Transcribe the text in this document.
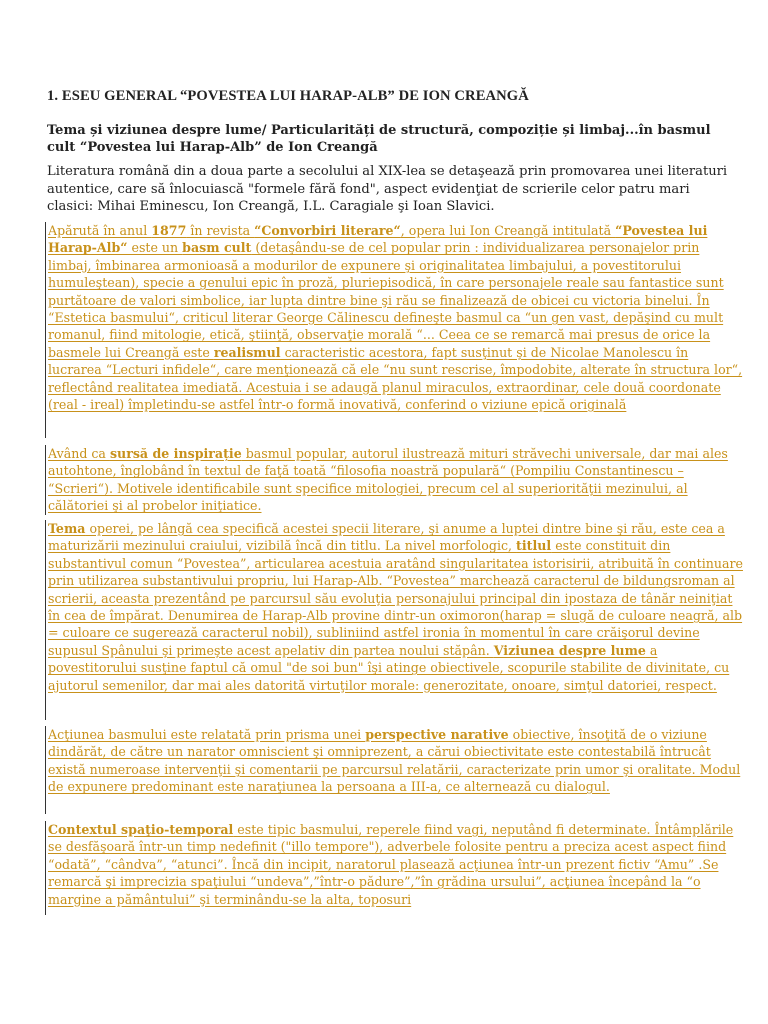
1. ESEU GENERAL “POVESTEA LUI HARAP-ALB” DE ION CREANGĂ
Tema și viziunea despre lume/ Particularități de structură, compoziție și limbaj...în basmul cult “Povestea lui Harap-Alb” de Ion Creangă
Literatura română din a doua parte a secolului al XIX-lea se detaşează prin promovarea unei literaturi autentice, care să înlocuiască "formele fără fond", aspect evidenţiat de scrierile celor patru mari clasici: Mihai Eminescu, Ion Creangă, I.L. Caragiale şi Ioan Slavici.
Apărută în anul 1877 în revista “Convorbiri literare“, opera lui Ion Creangă intitulată “Povestea lui Harap-Alb“ este un basm cult (detaşându-se de cel popular prin : individualizarea personajelor prin limbaj, îmbinarea armonioasă a modurilor de expunere şi originalitatea limbajului, a povestitorului humuleştean), specie a genului epic în proză, pluriepisodică, în care personajele reale sau fantastice sunt purtătoare de valori simbolice, iar lupta dintre bine şi rău se finalizează de obicei cu victoria binelui. În “Estetica basmului“, criticul literar George Călinescu defineşte basmul ca “un gen vast, depăşind cu mult romanul, fiind mitologie, etică, ştiinţă, observaţie morală “... Ceea ce se remarcă mai presus de orice la basmele lui Creangă este realismul caracteristic acestora, fapt susţinut şi de Nicolae Manolescu în lucrarea “Lecturi infidele“, care menţionează că ele “nu sunt rescrise, împodobite, alterate în structura lor“, reflectând realitatea imediată. Acestuia i se adaugă planul miraculos, extraordinar, cele două coordonate (real - ireal) împletindu-se astfel într-o formă inovativă, conferind o viziune epică originală
Având ca sursă de inspirație basmul popular, autorul ilustrează mituri străvechi universale, dar mai ales autohtone, înglobând în textul de faţă toată “filosofia noastră populară“ (Pompiliu Constantinescu – “Scrieri“). Motivele identificabile sunt specifice mitologiei, precum cel al superiorităţii mezinului, al călătoriei şi al probelor iniţiatice.
Tema operei, pe lângă cea specifică acestei specii literare, şi anume a luptei dintre bine şi rău, este cea a maturizării mezinului craiului, vizibilă încă din titlu. La nivel morfologic, titlul este constituit din substantivul comun “Povestea”, articularea acestuia aratând singularitatea istorisirii, atribuită în continuare prin utilizarea substantivului propriu, lui Harap-Alb. “Povestea” marchează caracterul de bildungsroman al scrierii, aceasta prezentând pe parcursul său evoluţia personajului principal din ipostaza de tânăr neiniţiat în cea de împărat. Denumirea de Harap-Alb provine dintr-un oximoron(harap = slugă de culoare neagră, alb = culoare ce sugerează caracterul nobil), subliniind astfel ironia în momentul în care crăişorul devine supusul Spânului şi primeşte acest apelativ din partea noului stăpân. Viziunea despre lume a povestitorului susţine faptul că omul "de soi bun" îşi atinge obiectivele, scopurile stabilite de divinitate, cu ajutorul semenilor, dar mai ales datorită virtuţilor morale: generozitate, onoare, simţul datoriei, respect.
Acţiunea basmului este relatată prin prisma unei perspective narative obiective, însoţită de o viziune dindărăt, de către un narator omniscient şi omniprezent, a cărui obiectivitate este contestabilă întrucât există numeroase intervenţii şi comentarii pe parcursul relatării, caracterizate prin umor şi oralitate. Modul de expunere predominant este naraţiunea la persoana a III-a, ce alternează cu dialogul.
Contextul spaţio-temporal este tipic basmului, reperele fiind vagi, neputând fi determinate. Întâmplările se desfăşoară într-un timp nedefinit ("illo tempore"), adverbele folosite pentru a preciza acest aspect fiind “odată”, “cândva”, “atunci”. Încă din incipit, naratorul plasează acţiunea într-un prezent fictiv “Amu” .Se remarcă şi imprecizia spaţiului “undeva”,”într-o pădure”,”în grădina ursului”, acţiunea începând la “o margine a pământului” şi terminându-se la alta, toposuri
